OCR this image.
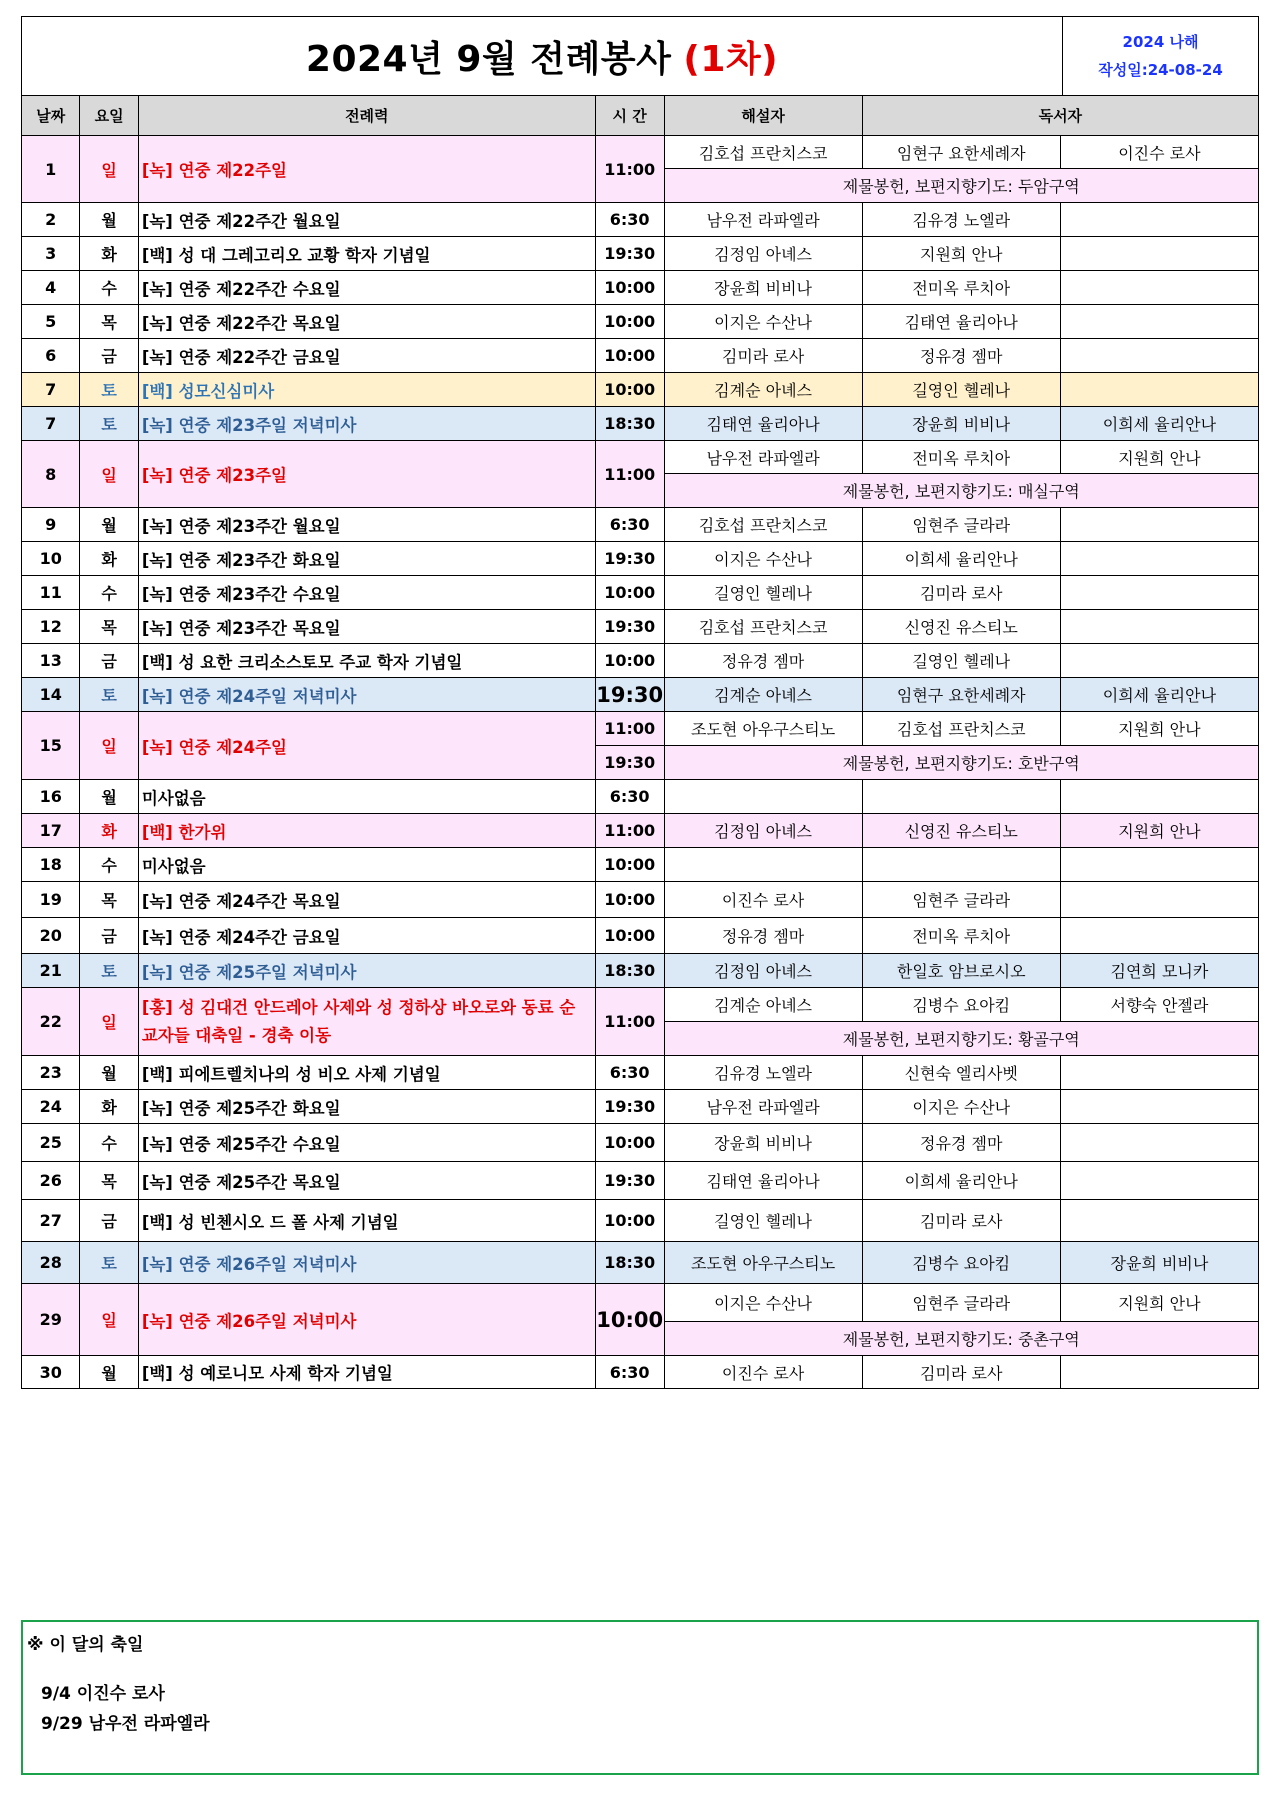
2024년 9월 전례봉사 (1차)	2024 나해
작성일:24-08-24
날짜	요일	전례력	시 간	해설자	독서자	
1	일	[녹] 연중 제22주일	11:00	김호섭 프란치스코	임현구 요한세례자	이진수 로사
				제물봉헌, 보편지향기도: 두암구역		
2	월	[녹] 연중 제22주간 월요일	6:30	남우전 라파엘라	김유경 노엘라	
3	화	[백] 성 대 그레고리오 교황 학자 기념일	19:30	김정임 아녜스	지원희 안나	
4	수	[녹] 연중 제22주간 수요일	10:00	장윤희 비비나	전미옥 루치아	
5	목	[녹] 연중 제22주간 목요일	10:00	이지은 수산나	김태연 율리아나	
6	금	[녹] 연중 제22주간 금요일	10:00	김미라 로사	정유경 젬마	
7	토	[백] 성모신심미사	10:00	김계순 아녜스	길영인 헬레나	
7	토	[녹] 연중 제23주일 저녁미사	18:30	김태연 율리아나	장윤희 비비나	이희세 율리안나
8	일	[녹] 연중 제23주일	11:00	남우전 라파엘라	전미옥 루치아	지원희 안나
				제물봉헌, 보편지향기도: 매실구역		
9	월	[녹] 연중 제23주간 월요일	6:30	김호섭 프란치스코	임현주 글라라	
10	화	[녹] 연중 제23주간 화요일	19:30	이지은 수산나	이희세 율리안나	
11	수	[녹] 연중 제23주간 수요일	10:00	길영인 헬레나	김미라 로사	
12	목	[녹] 연중 제23주간 목요일	19:30	김호섭 프란치스코	신영진 유스티노	
13	금	[백] 성 요한 크리소스토모 주교 학자 기념일	10:00	정유경 젬마	길영인 헬레나	
14	토	[녹] 연중 제24주일 저녁미사	19:30	김계순 아녜스	임현구 요한세례자	이희세 율리안나
15	일	[녹] 연중 제24주일	11:00	조도현 아우구스티노	김호섭 프란치스코	지원희 안나
			19:30	제물봉헌, 보편지향기도: 호반구역		
16	월	미사없음	6:30			
17	화	[백] 한가위	11:00	김정임 아녜스	신영진 유스티노	지원희 안나
18	수	미사없음	10:00			
19	목	[녹] 연중 제24주간 목요일	10:00	이진수 로사	임현주 글라라	
20	금	[녹] 연중 제24주간 금요일	10:00	정유경 젬마	전미옥 루치아	
21	토	[녹] 연중 제25주일 저녁미사	18:30	김정임 아녜스	한일호 암브로시오	김연희 모니카
22	일	[홍] 성 김대건 안드레아 사제와 성 정하상 바오로와 동료 순교자들 대축일 - 경축 이동	11:00	김계순 아녜스	김병수 요아킴	서향숙 안젤라
				제물봉헌, 보편지향기도: 황골구역		
23	월	[백] 피에트렐치나의 성 비오 사제 기념일	6:30	김유경 노엘라	신현숙 엘리사벳	
24	화	[녹] 연중 제25주간 화요일	19:30	남우전 라파엘라	이지은 수산나	
25	수	[녹] 연중 제25주간 수요일	10:00	장윤희 비비나	정유경 젬마	
26	목	[녹] 연중 제25주간 목요일	19:30	김태연 율리아나	이희세 율리안나	
27	금	[백] 성 빈첸시오 드 폴 사제 기념일	10:00	길영인 헬레나	김미라 로사	
28	토	[녹] 연중 제26주일 저녁미사	18:30	조도현 아우구스티노	김병수 요아킴	장윤희 비비나
29	일	[녹] 연중 제26주일 저녁미사	10:00	이지은 수산나	임현주 글라라	지원희 안나
				제물봉헌, 보편지향기도: 중촌구역		
30	월	[백] 성 예로니모 사제 학자 기념일	6:30	이진수 로사	김미라 로사	
※ 이 달의 축일
9/4 이진수 로사
9/29 남우전 라파엘라
